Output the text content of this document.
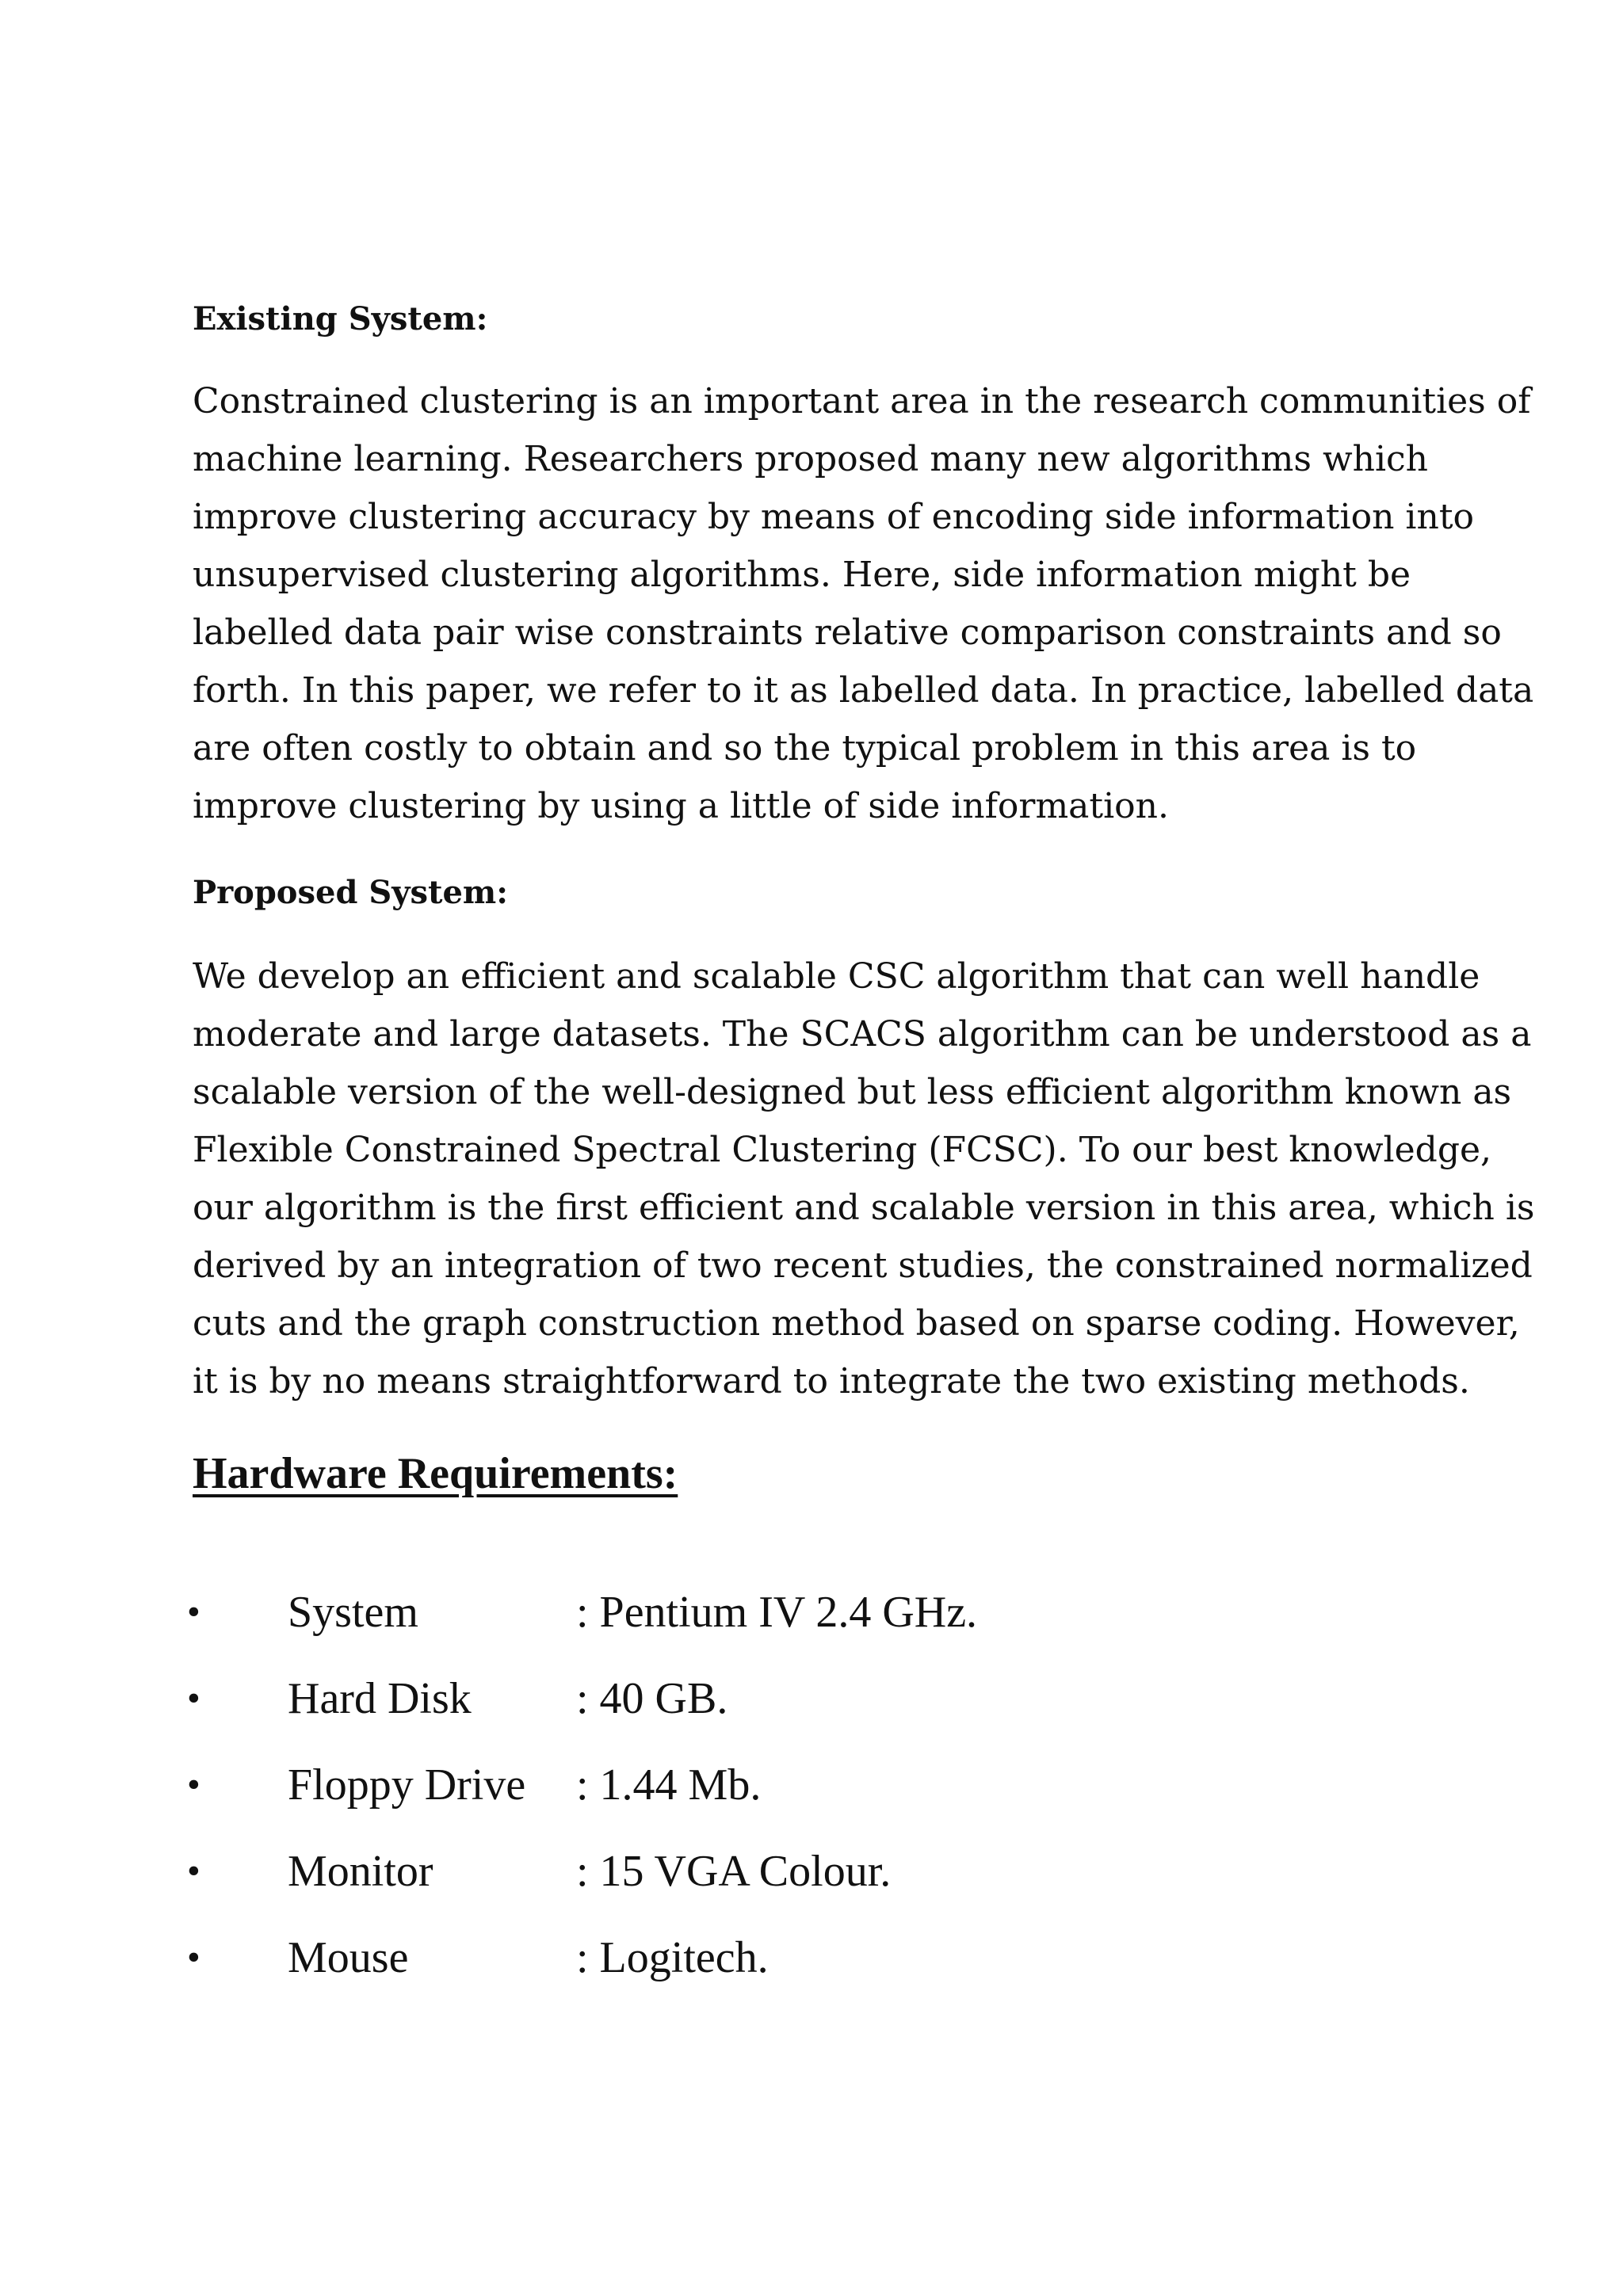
Existing System:
Constrained clustering is an important area in the research communities of
machine learning. Researchers proposed many new algorithms which
improve clustering accuracy by means of encoding side information into
unsupervised clustering algorithms. Here, side information might be
labelled data pair wise constraints relative comparison constraints and so
forth. In this paper, we refer to it as labelled data. In practice, labelled data
are often costly to obtain and so the typical problem in this area is to
improve clustering by using a little of side information.
Proposed System:
We develop an efficient and scalable CSC algorithm that can well handle
moderate and large datasets. The SCACS algorithm can be understood as a
scalable version of the well-designed but less efficient algorithm known as
Flexible Constrained Spectral Clustering (FCSC). To our best knowledge,
our algorithm is the first efficient and scalable version in this area, which is
derived by an integration of two recent studies, the constrained normalized
cuts and the graph construction method based on sparse coding. However,
it is by no means straightforward to integrate the two existing methods.
Hardware Requirements:
• System	: Pentium IV 2.4 GHz.
• Hard Disk : 40 GB.
• Floppy Drive : 1.44 Mb.
• Monitor	: 15 VGA Colour.
• Mouse	: Logitech.
